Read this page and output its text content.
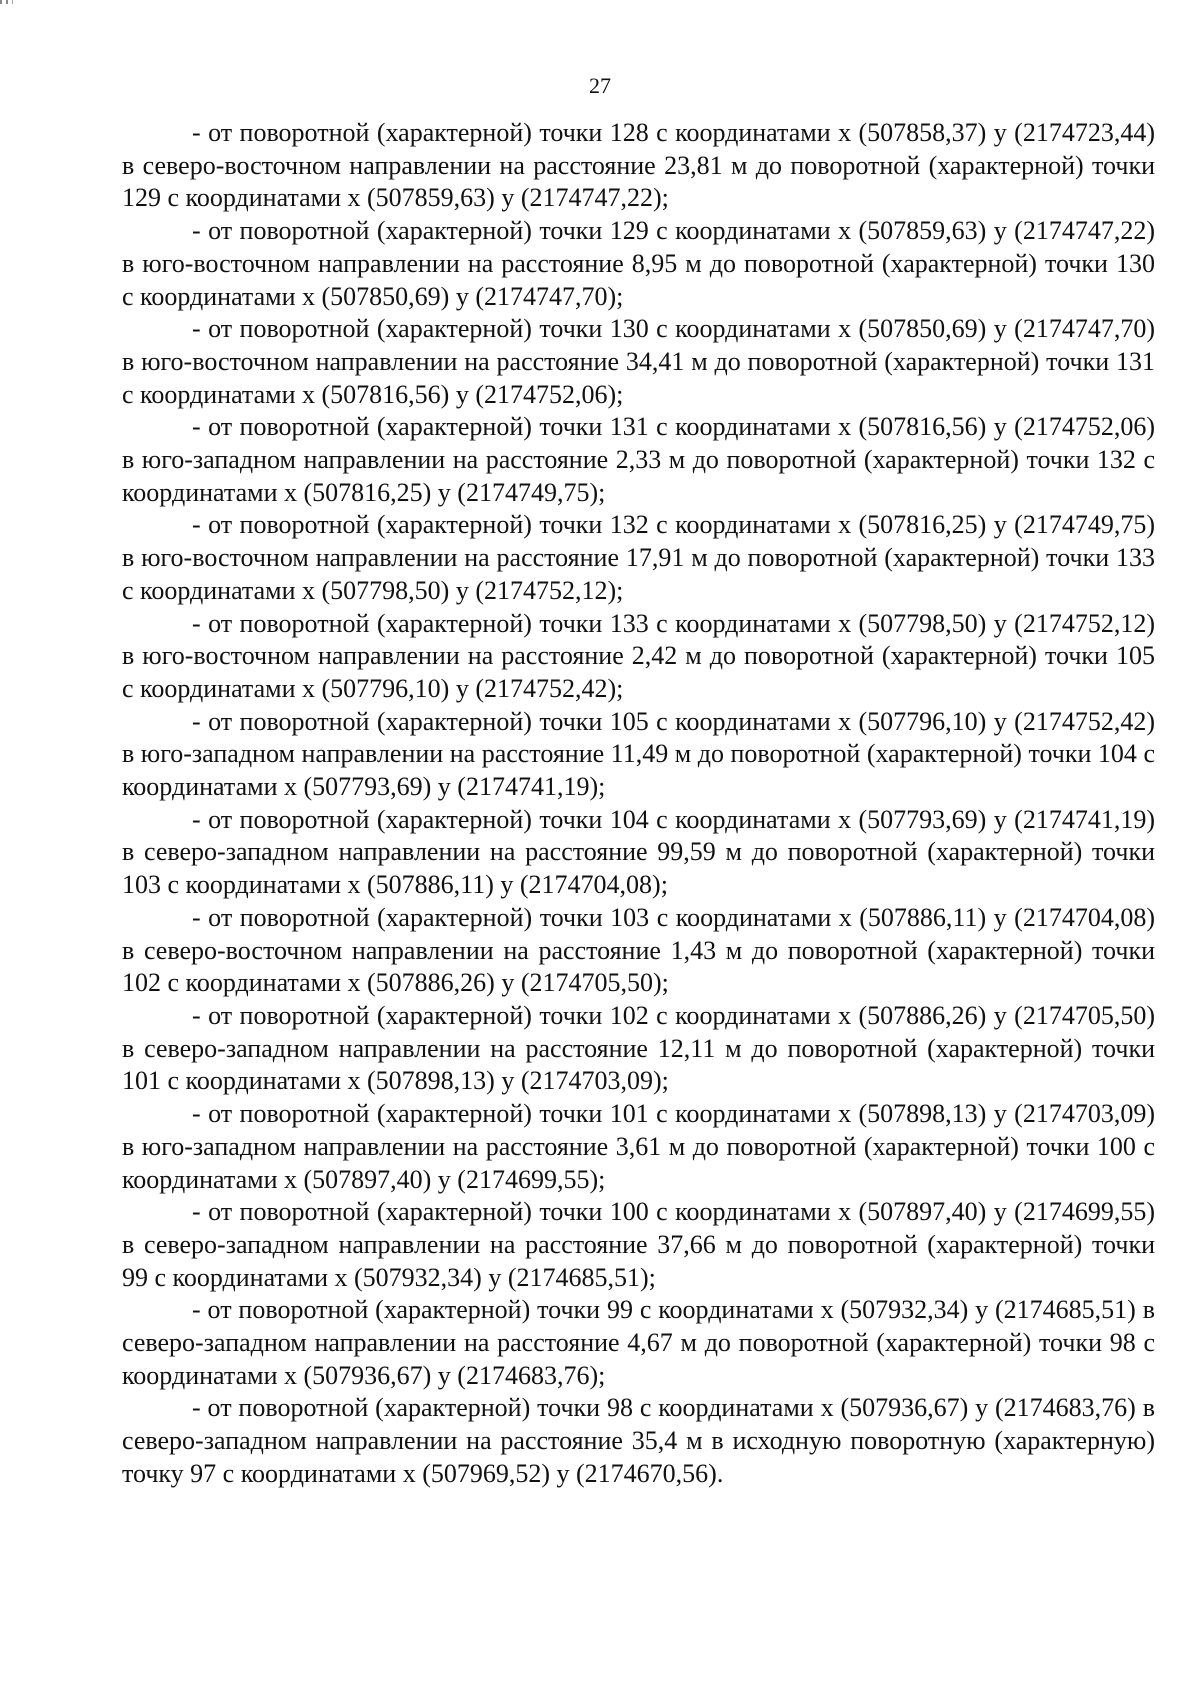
27

- от поворотной (характерной) точки 128 с координатами х (507858,37) у (2174723,44) в северо-восточном направлении на расстояние 23,81 м до поворотной (характерной) точки 129 с координатами х (507859,63) у (2174747,22);

- от поворотной (характерной) точки 129 с координатами х (507859,63) у (2174747,22) в юго-восточном направлении на расстояние 8,95 м до поворотной (характерной) точки 130 с координатами х (507850,69) у (2174747,70);

- от поворотной (характерной) точки 130 с координатами х (507850,69) у (2174747,70) в юго-восточном направлении на расстояние 34,41 м до поворотной (характерной) точки 131 с координатами х (507816,56) у (2174752,06);

- от поворотной (характерной) точки 131 с координатами х (507816,56) у (2174752,06) в юго-западном направлении на расстояние 2,33 м до поворотной (характерной) точки 132 с координатами х (507816,25) у (2174749,75);

- от поворотной (характерной) точки 132 с координатами х (507816,25) у (2174749,75) в юго-восточном направлении на расстояние 17,91 м до поворотной (характерной) точки 133 с координатами х (507798,50) у (2174752,12);

- от поворотной (характерной) точки 133 с координатами х (507798,50) у (2174752,12) в юго-восточном направлении на расстояние 2,42 м до поворотной (характерной) точки 105 с координатами х (507796,10) у (2174752,42);

- от поворотной (характерной) точки 105 с координатами х (507796,10) у (2174752,42) в юго-западном направлении на расстояние 11,49 м до поворотной (характерной) точки 104 с координатами х (507793,69) у (2174741,19);

- от поворотной (характерной) точки 104 с координатами х (507793,69) у (2174741,19) в северо-западном направлении на расстояние 99,59 м до поворотной (характерной) точки 103 с координатами х (507886,11) у (2174704,08);

- от поворотной (характерной) точки 103 с координатами х (507886,11) у (2174704,08) в северо-восточном направлении на расстояние 1,43 м до поворотной (характерной) точки 102 с координатами х (507886,26) у (2174705,50);

- от поворотной (характерной) точки 102 с координатами х (507886,26) у (2174705,50) в северо-западном направлении на расстояние 12,11 м до поворотной (характерной) точки 101 с координатами х (507898,13) у (2174703,09);

- от поворотной (характерной) точки 101 с координатами х (507898,13) у (2174703,09) в юго-западном направлении на расстояние 3,61 м до поворотной (характерной) точки 100 с координатами х (507897,40) у (2174699,55);

- от поворотной (характерной) точки 100 с координатами х (507897,40) у (2174699,55) в северо-западном направлении на расстояние 37,66 м до поворотной (характерной) точки 99 с координатами х (507932,34) у (2174685,51);

- от поворотной (характерной) точки 99 с координатами х (507932,34) у (2174685,51) в северо-западном направлении на расстояние 4,67 м до поворотной (характерной) точки 98 с координатами х (507936,67) у (2174683,76);

- от поворотной (характерной) точки 98 с координатами х (507936,67) у (2174683,76) в северо-западном направлении на расстояние 35,4 м в исходную поворотную (характерную) точку 97 с координатами х (507969,52) у (2174670,56).
